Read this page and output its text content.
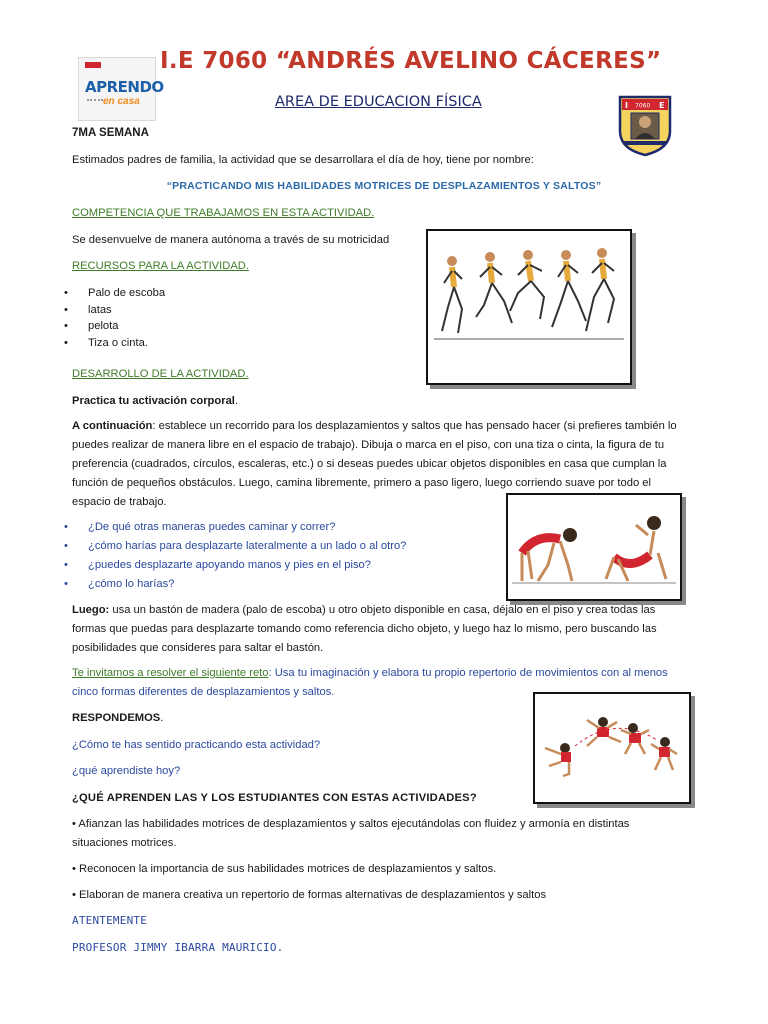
APRENDO
en casa
I.E 7060 “ANDRÉS AVELINO CÁCERES”
AREA DE EDUCACION FÍSICA	I 7060 E
7MA SEMANA
Estimados padres de familia, la actividad que se desarrollara el día de hoy, tiene por nombre:
“PRACTICANDO MIS HABILIDADES MOTRICES DE DESPLAZAMIENTOS Y SALTOS”
COMPETENCIA QUE TRABAJAMOS EN ESTA ACTIVIDAD.
Se desenvuelve de manera autónoma a través de su motricidad
RECURSOS PARA LA ACTIVIDAD.
• Palo de escoba
• latas
• pelota
• Tiza o cinta.
DESARROLLO DE LA ACTIVIDAD.
Practica tu activación corporal.
A continuación: establece un recorrido para los desplazamientos y saltos que has pensado hacer (si prefieres también lo
puedes realizar de manera libre en el espacio de trabajo). Dibuja o marca en el piso, con una tiza o cinta, la figura de tu
preferencia (cuadrados, círculos, escaleras, etc.) o si deseas puedes ubicar objetos disponibles en casa que cumplan la
función de pequeños obstáculos. Luego, camina libremente, primero a paso ligero, luego corriendo suave por todo el
espacio de trabajo.
• ¿De qué otras maneras puedes caminar y correr?
• ¿cómo harías para desplazarte lateralmente a un lado o al otro?
• ¿puedes desplazarte apoyando manos y pies en el piso?
• ¿cómo lo harías?
Luego: usa un bastón de madera (palo de escoba) u otro objeto disponible en casa, déjalo en el piso y crea todas las
formas que puedas para desplazarte tomando como referencia dicho objeto, y luego haz lo mismo, pero buscando las
posibilidades que consideres para saltar el bastón.
Te invitamos a resolver el siguiente reto: Usa tu imaginación y elabora tu propio repertorio de movimientos con al menos
cinco formas diferentes de desplazamientos y saltos.
RESPONDEMOS.
¿Cómo te has sentido practicando esta actividad?
¿qué aprendiste hoy?
¿QUÉ APRENDEN LAS Y LOS ESTUDIANTES CON ESTAS ACTIVIDADES?
• Afianzan las habilidades motrices de desplazamientos y saltos ejecutándolas con fluidez y armonía en distintas
situaciones motrices.
• Reconocen la importancia de sus habilidades motrices de desplazamientos y saltos.
• Elaboran de manera creativa un repertorio de formas alternativas de desplazamientos y saltos
ATENTEMENTE
PROFESOR JIMMY IBARRA MAURICIO.
